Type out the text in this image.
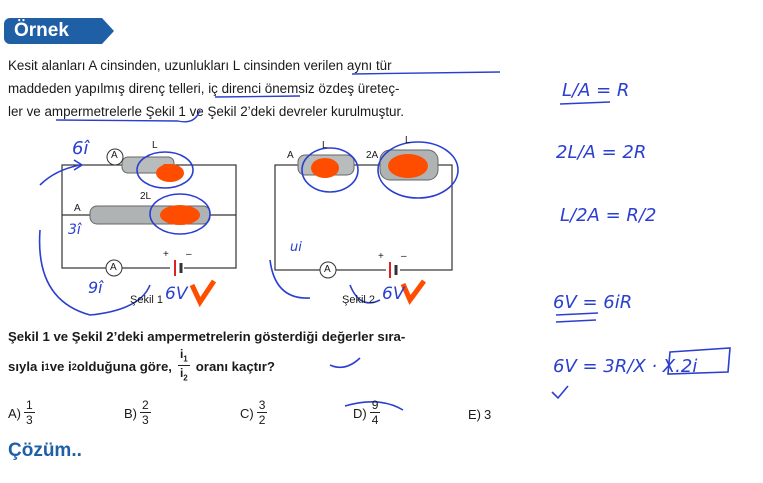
Örnek
Kesit alanları A cinsinden, uzunlukları L cinsinden verilen aynı tür
maddeden yapılmış direnç telleri, iç direnci önemsiz özdeş üreteç-
ler ve ampermetrelerle Şekil 1 ve Şekil 2’deki devreler kurulmuştur.
A
L
2L
A
A
+ –
Şekil 1
A
L
2A
L
A
+ –
Şekil 2
6î
3î
9î	6V	6V
ui
R
2R
R	R/2
L/A = R
2L/A = 2R
L/2A = R/2
6V = 6iR
6V = 3R/X · X.2i
Şekil 1 ve Şekil 2’deki ampermetrelerin gösterdiği değerler sıra-
sıyla i 1 ve i 2 olduğuna göre, $\frac{i_1}{i_2}$ oranı kaçtır?
$A) \frac{1}{3}$	$B) \frac{2}{3}$	$C) \frac{3}{2}$	$D) \frac{9}{4}$	E) 3
Çözüm..
